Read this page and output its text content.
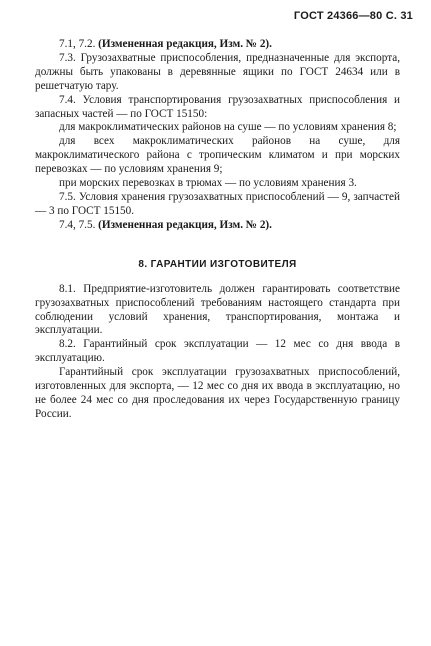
ГОСТ 24366—80 С. 31

7.1, 7.2. (Измененная редакция, Изм. № 2).

7.3. Грузозахватные приспособления, предназначенные для экспорта, должны быть упакованы в деревянные ящики по ГОСТ 24634 или в решетчатую тару.

7.4. Условия транспортирования грузозахватных приспособления и запасных частей — по ГОСТ 15150:

для макроклиматических районов на суше — по условиям хранения 8;

для всех макроклиматических районов на суше, для макроклиматического района с тропическим климатом и при морских перевозках — по условиям хранения 9;

при морских перевозках в трюмах — по условиям хранения 3.

7.5. Условия хранения грузозахватных приспособлений — 9, запчастей — 3 по ГОСТ 15150.

7.4, 7.5. (Измененная редакция, Изм. № 2).

8. ГАРАНТИИ ИЗГОТОВИТЕЛЯ

8.1. Предприятие-изготовитель должен гарантировать соответствие грузозахватных приспособлений требованиям настоящего стандарта при соблюдении условий хранения, транспортирования, монтажа и эксплуатации.

8.2. Гарантийный срок эксплуатации — 12 мес со дня ввода в эксплуатацию.

Гарантийный срок эксплуатации грузозахватных приспособлений, изготовленных для экспорта, — 12 мес со дня их ввода в эксплуатацию, но не более 24 мес со дня проследования их через Государственную границу России.
